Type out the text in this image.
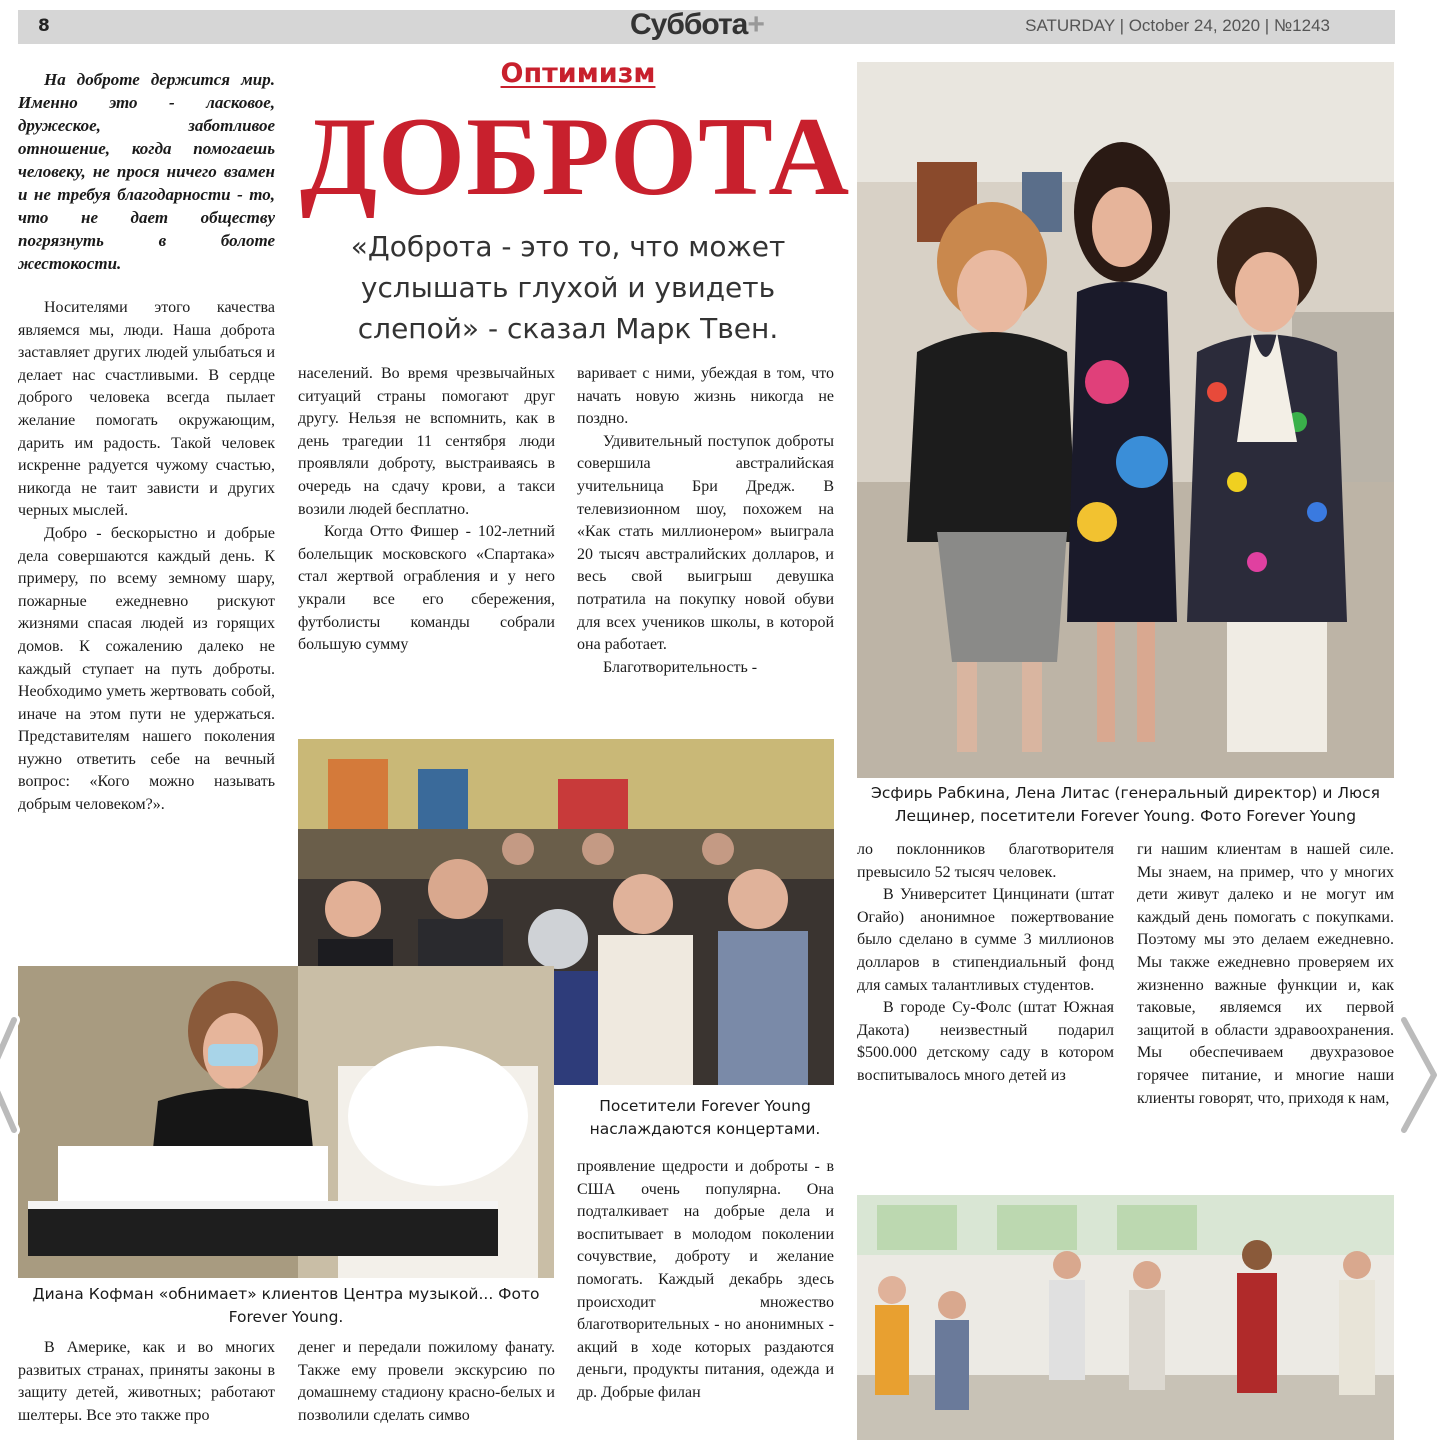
8	Суббота+	SATURDAY | October 24, 2020 | №1243
Оптимизм
ДОБРОТА
«Доброта - это то, что может услышать глухой и увидеть слепой» - сказал Марк Твен.

На доброте держится мир. Именно это - ласковое, дружеское, заботливое отношение, когда помогаешь человеку, не прося ничего взамен и не требуя благодарности - то, что не дает обществу погрязнуть в болоте жестокости.

Носителями этого качества являемся мы, люди. Наша доброта заставляет других людей улыбаться и делает нас счастливыми. В сердце доброго человека всегда пылает желание помогать окружающим, дарить им радость. Такой человек искренне радуется чужому счастью, никогда не таит зависти и других черных мыслей.

Добро - бескорыстно и добрые дела совершаются каждый день. К примеру, по всему земному шару, пожарные ежедневно рискуют жизнями спасая людей из горящих домов. К сожалению далеко не каждый ступает на путь доброты. Необходимо уметь жертвовать собой, иначе на этом пути не удержаться. Представителям нашего поколения нужно ответить себе на вечный вопрос: «Кого можно называть добрым человеком?».

населений. Во время чрезвычайных ситуаций страны помогают друг другу. Нельзя не вспомнить, как в день трагедии 11 сентября люди проявляли доброту, выстраиваясь в очередь на сдачу крови, а такси возили людей бесплатно.

Когда Отто Фишер - 102-летний болельщик московского «Спартака» стал жертвой ограбления и у него украли все его сбережения, футболисты команды собрали большую сумму

варивает с ними, убеждая в том, что начать новую жизнь никогда не поздно.

Удивительный поступок доброты совершила австралийская учительница Бри Дредж. В телевизионном шоу, похожем на «Как стать миллионером» выиграла 20 тысяч австралийских долларов, и весь свой выигрыш девушка потратила на покупку новой обуви для всех учеников школы, в которой она работает.

Благотворительность -

Эсфирь Рабкина, Лена Литас (генеральный директор) и Люся Лещинер, посетители Forever Young. Фото Forever Young
Посетители Forever Young наслаждаются концертами.
Диана Кофман «обнимает» клиентов Центра музыкой... Фото Forever Young.

В Америке, как и во многих развитых странах, приняты законы в защиту детей, животных; работают шелтеры. Все это также про

денег и передали пожилому фанату. Также ему провели экскурсию по домашнему стадиону красно-белых и позволили сделать симво

проявление щедрости и доброты - в США очень популярна. Она подталкивает на добрые дела и воспитывает в молодом поколении сочувствие, доброту и желание помогать. Каждый декабрь здесь происходит множество благотворительных - но анонимных - акций в ходе которых раздаются деньги, продукты питания, одежда и др. Добрые филан

ло поклонников благотворителя превысило 52 тысяч человек.

В Университет Цинцинати (штат Огайо) анонимное пожертвование было сделано в сумме 3 миллионов долларов в стипендиальный фонд для самых талантливых студентов.

В городе Су-Фолс (штат Южная Дакота) неизвестный подарил $500.000 детскому саду в котором воспитывалось много детей из

ги нашим клиентам в нашей силе. Мы знаем, на пример, что у многих дети живут далеко и не могут им каждый день помогать с покупками. Поэтому мы это делаем ежедневно. Мы также ежедневно проверяем их жизненно важные функции и, как таковые, являемся их первой защитой в области здравоохранения. Мы обеспечиваем двухразовое горячее питание, и многие наши клиенты говорят, что, приходя к нам,
